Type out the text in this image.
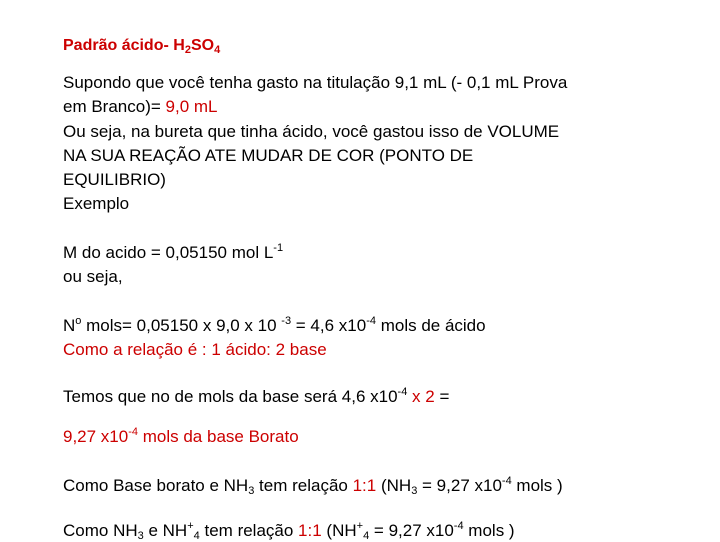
Padrão ácido- $H_2SO_4$
Supondo que você tenha gasto na titulação 9,1 mL (- 0,1 mL Prova
em Branco)= 9,0 mL
Ou seja, na bureta que tinha ácido, você gastou isso de VOLUME
NA SUA REAÇÃO ATE MUDAR DE COR (PONTO DE
EQUILIBRIO)
Exemplo
M do acido = 0,05150 mol $L^{-1}$
ou seja,
$N^o$ mols= 0,05150 x 9,0 x 10 $^{-3}$ = 4,6 $x10^{-4}$ mols de ácido
Como a relação é : 1 ácido: 2 base
Temos que no de mols da base será 4,6 $x10^{-4}$ x 2 =
9,27 $x10^{-4}$ mols da base Borato
Como Base borato e $NH_3$ tem relação 1:1 ($NH_3 = 9,27$ $x10^{-4}$ mols )
Como $NH_3$ e $NH^+_4$ tem relação 1:1 ($NH^+_4 = 9,27$ $x10^{-4}$ mols )
